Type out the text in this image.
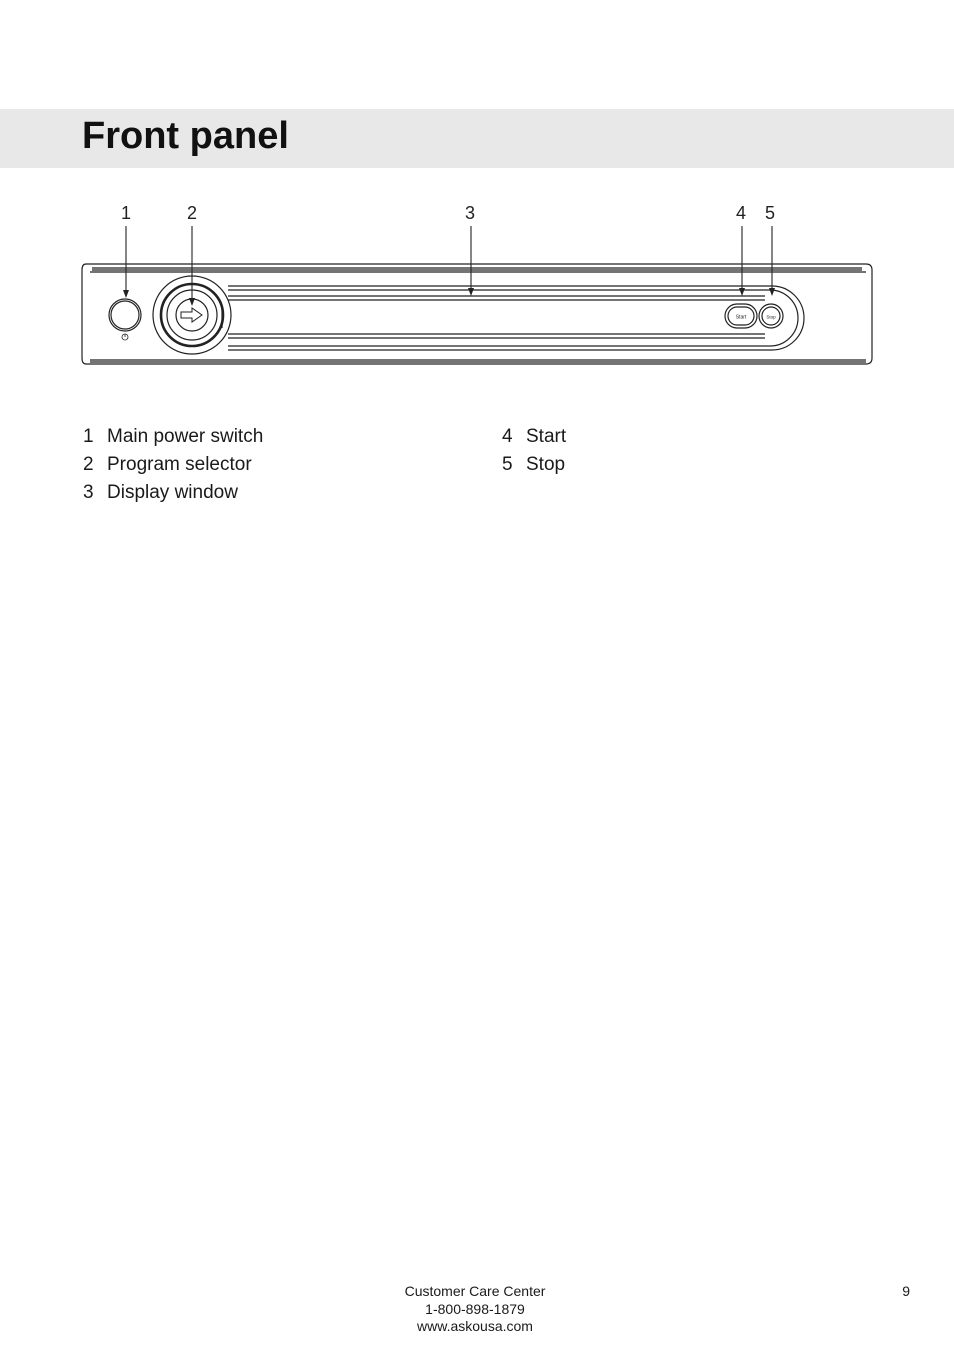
Front panel
1	2	3	4 5
Start	Stop
1 Main power switch
2 Program selector
3 Display window
4 Start
5 Stop
Customer Care Center
1-800-898-1879
www.askousa.com
9
